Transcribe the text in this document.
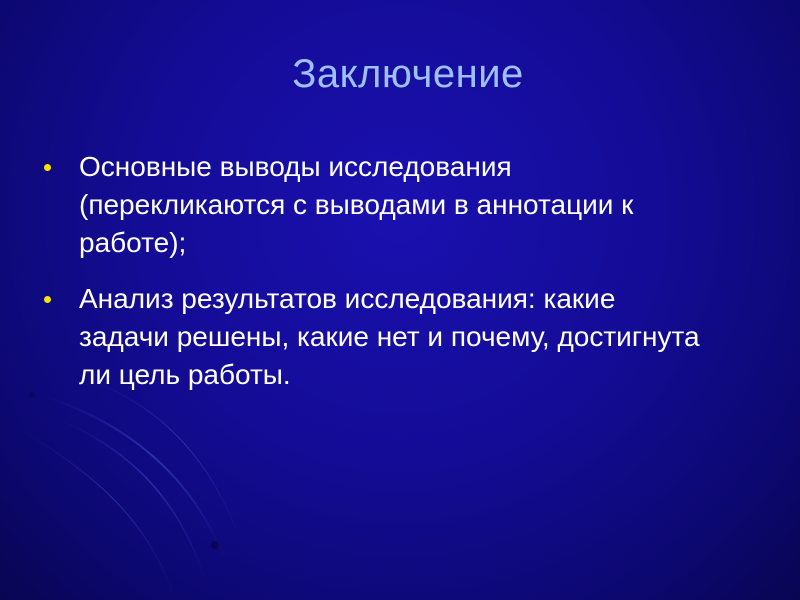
Заключение
Основные выводы исследования (перекликаются с выводами в аннотации к работе);
Анализ результатов исследования: какие задачи решены, какие нет и почему, достигнута ли цель работы.
